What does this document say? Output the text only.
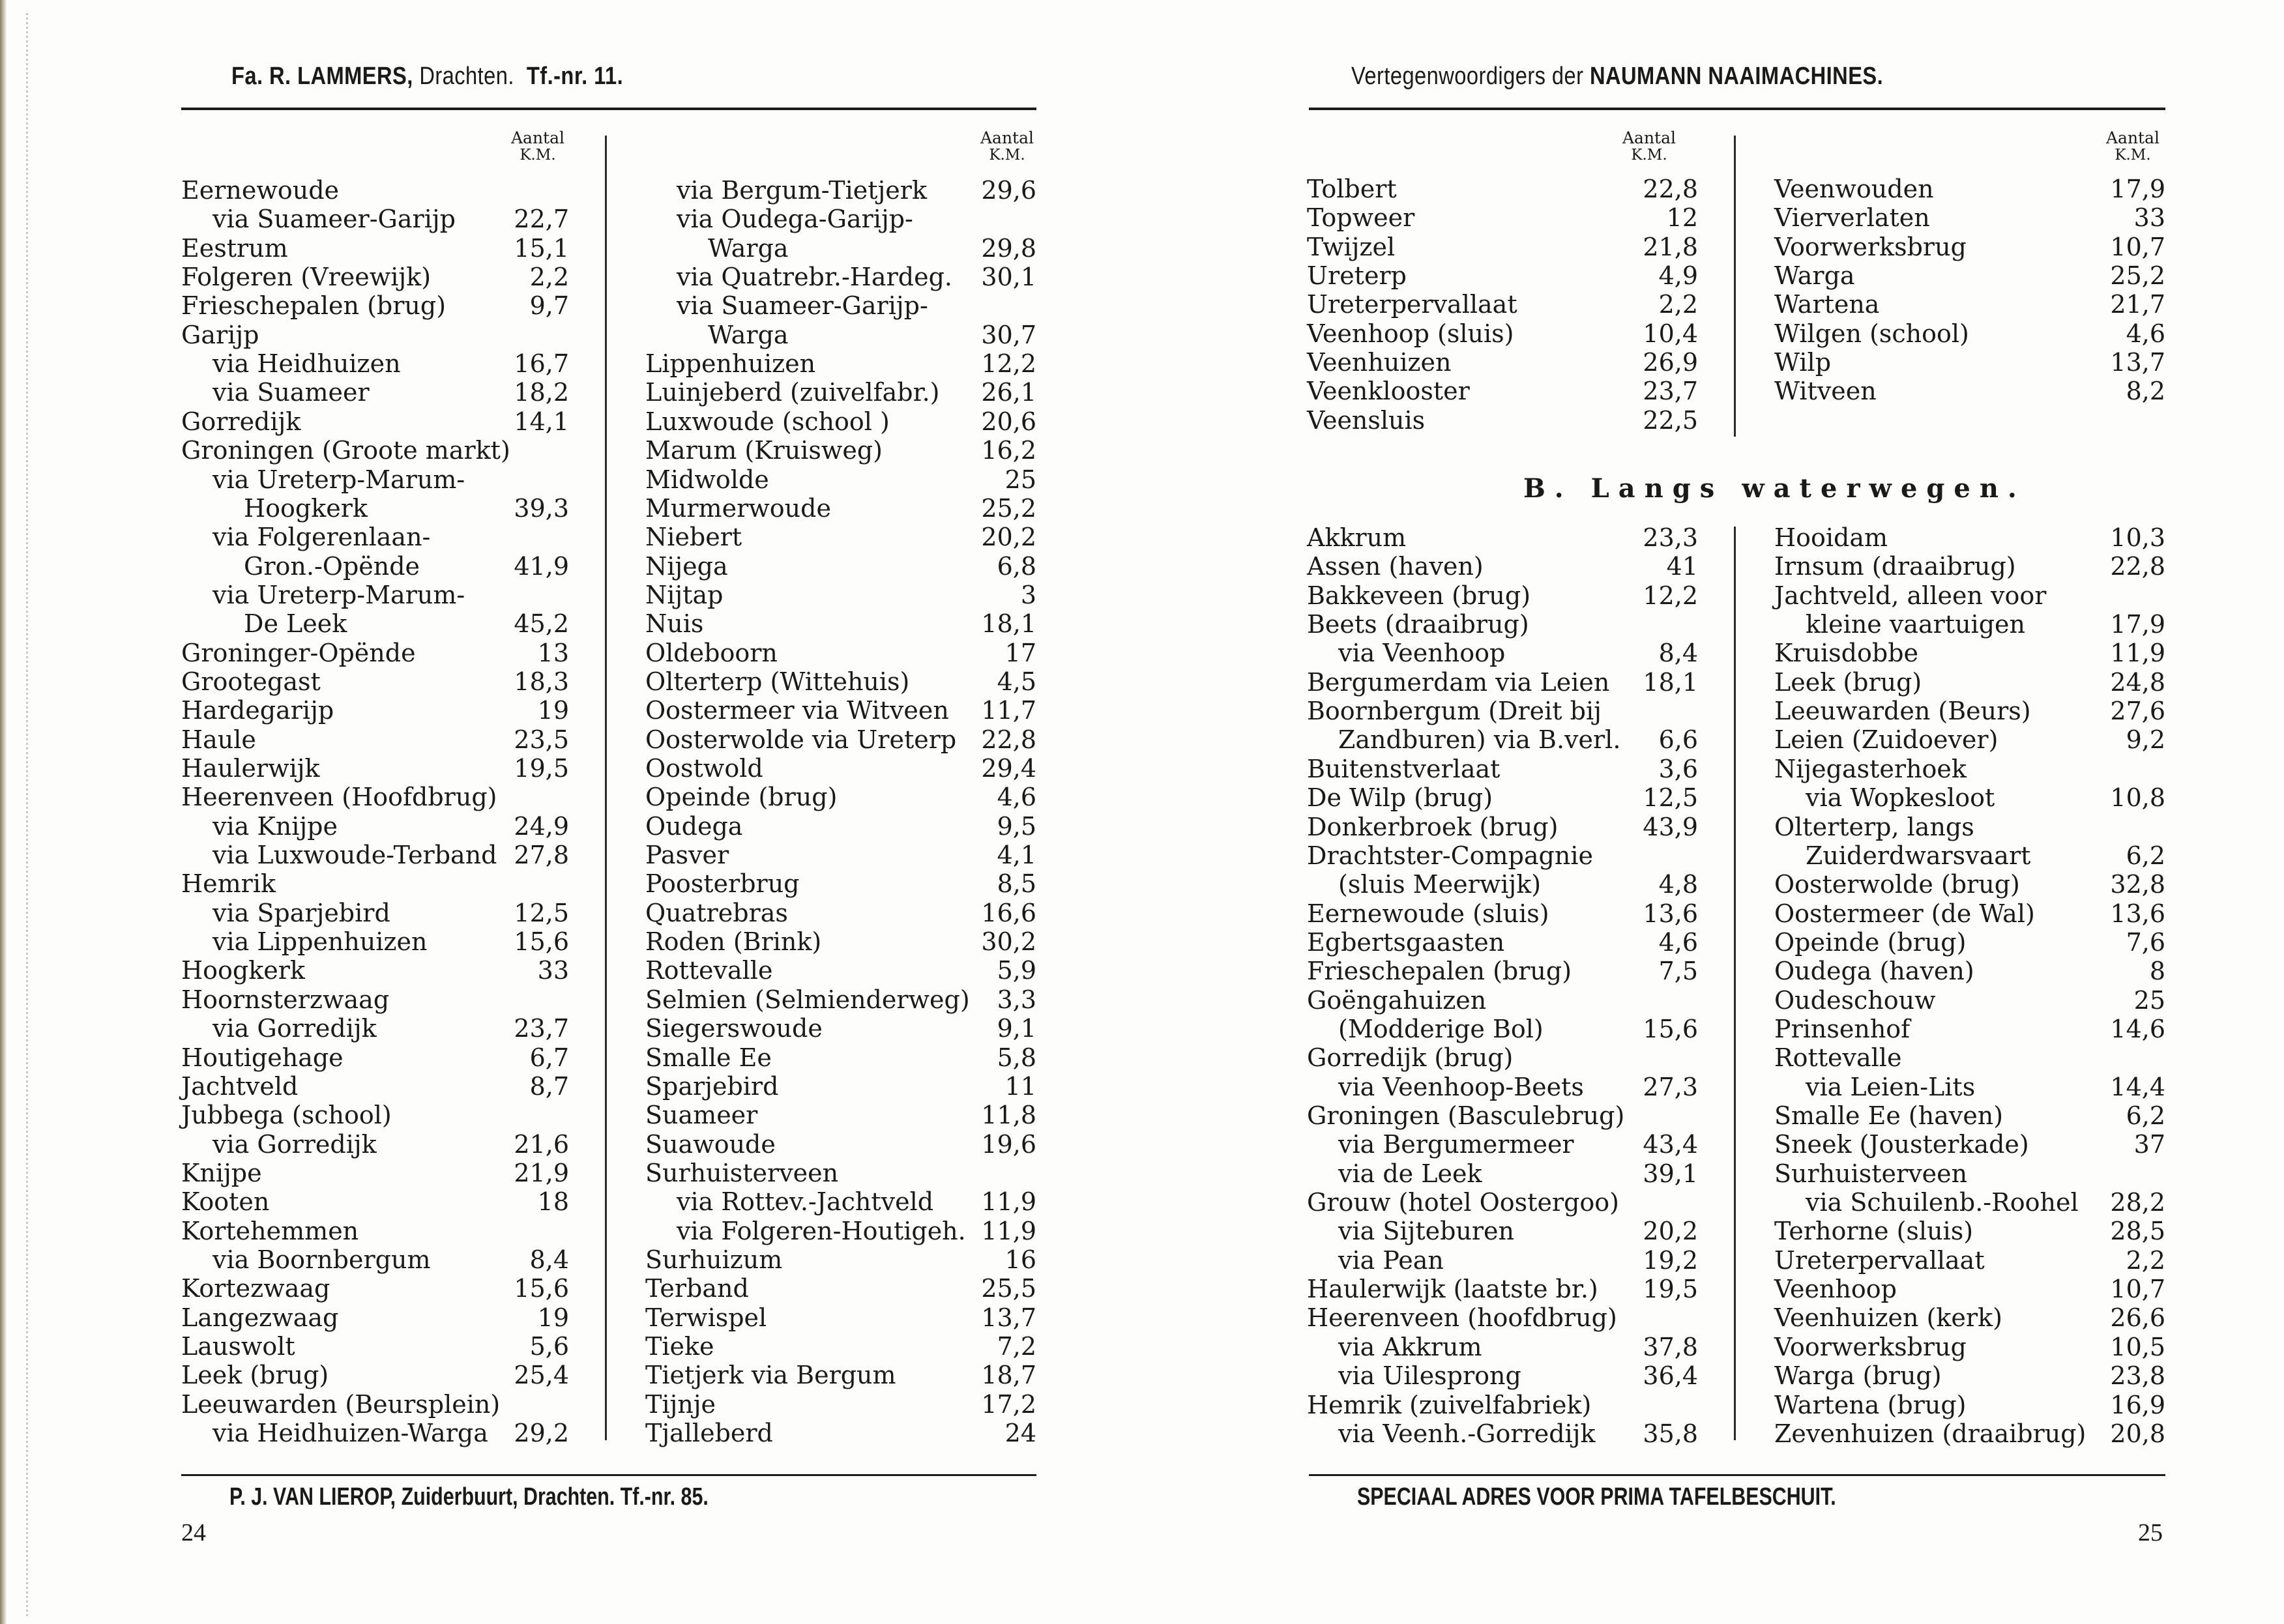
Fa. R. LAMMERS, Drachten. Tf.-nr. 11.
Aantal
K.M.
Aantal
K.M.
Eernewoude
via Suameer-Garijp 22,7
Eestrum	15,1
Folgeren (Vreewijk)	2,2
Frieschepalen (brug)	9,7
Garijp
via Heidhuizen	16,7
via Suameer	18,2
Gorredijk	14,1
Groningen (Groote markt)
via Ureterp-Marum-
Hoogkerk	39,3
via Folgerenlaan-
Gron.-Opënde	41,9
via Ureterp-Marum-
De Leek	45,2
Groninger-Opënde	13
Grootegast	18,3
Hardegarijp	19
Haule	23,5
Haulerwijk	19,5
Heerenveen (Hoofdbrug)
via Knijpe	24,9
via Luxwoude-Terband 27,8
Hemrik
via Sparjebird	12,5
via Lippenhuizen	15,6
Hoogkerk	33
Hoornsterzwaag
via Gorredijk	23,7
Houtigehage	6,7
Jachtveld	8,7
Jubbega (school)
via Gorredijk	21,6
Knijpe	21,9
Kooten	18
Kortehemmen
via Boornbergum	8,4
Kortezwaag	15,6
Langezwaag	19
Lauswolt	5,6
Leek (brug)	25,4
Leeuwarden (Beursplein)
via Heidhuizen-Warga 29,2
via Bergum-Tietjerk 29,6
via Oudega-Garijp-
Warga	29,8
via Quatrebr.-Hardeg. 30,1
via Suameer-Garijp-
Warga	30,7
Lippenhuizen	12,2
Luinjeberd (zuivelfabr.) 26,1
Luxwoude (school )	20,6
Marum (Kruisweg)	16,2
Midwolde	25
Murmerwoude	25,2
Niebert	20,2
Nijega	6,8
Nijtap	3
Nuis	18,1
Oldeboorn	17
Olterterp (Wittehuis)	4,5
Oostermeer via Witveen 11,7
Oosterwolde via Ureterp 22,8
Oostwold	29,4
Opeinde (brug)	4,6
Oudega	9,5
Pasver	4,1
Poosterbrug	8,5
Quatrebras	16,6
Roden (Brink)	30,2
Rottevalle	5,9
Selmien (Selmienderweg) 3,3
Siegerswoude	9,1
Smalle Ee	5,8
Sparjebird	11
Suameer	11,8
Suawoude	19,6
Surhuisterveen
via Rottev.-Jachtveld 11,9
via Folgeren-Houtigeh. 11,9
Surhuizum	16
Terband	25,5
Terwispel	13,7
Tieke	7,2
Tietjerk via Bergum	18,7
Tijnje	17,2
Tjalleberd	24
P. J. VAN LIEROP, Zuiderbuurt, Drachten. Tf.-nr. 85.
24
Vertegenwoordigers der NAUMANN NAAIMACHINES.
Aantal
K.M.
Aantal
K.M.
Tolbert	22,8
Topweer	12
Twijzel	21,8
Ureterp	4,9
Ureterpervallaat	2,2
Veenhoop (sluis)	10,4
Veenhuizen	26,9
Veenklooster	23,7
Veensluis	22,5
Veenwouden	17,9
Vierverlaten	33
Voorwerksbrug	10,7
Warga	25,2
Wartena	21,7
Wilgen (school)	4,6
Wilp	13,7
Witveen	8,2
B. Langs waterwegen.
Akkrum	23,3
Assen (haven)	41
Bakkeveen (brug)	12,2
Beets (draaibrug)
via Veenhoop	8,4
Bergumerdam via Leien 18,1
Boornbergum (Dreit bij
Zandburen) via B.verl. 6,6
Buitenstverlaat	3,6
De Wilp (brug)	12,5
Donkerbroek (brug)	43,9
Drachtster-Compagnie
(sluis Meerwijk)	4,8
Eernewoude (sluis)	13,6
Egbertsgaasten	4,6
Frieschepalen (brug)	7,5
Goëngahuizen
(Modderige Bol)	15,6
Gorredijk (brug)
via Veenhoop-Beets 27,3
Groningen (Basculebrug)
via Bergumermeer	43,4
via de Leek	39,1
Grouw (hotel Oostergoo)
via Sijteburen	20,2
via Pean	19,2
Haulerwijk (laatste br.) 19,5
Heerenveen (hoofdbrug)
via Akkrum	37,8
via Uilesprong	36,4
Hemrik (zuivelfabriek)
via Veenh.-Gorredijk 35,8
Hooidam	10,3
Irnsum (draaibrug)	22,8
Jachtveld, alleen voor
kleine vaartuigen	17,9
Kruisdobbe	11,9
Leek (brug)	24,8
Leeuwarden (Beurs)	27,6
Leien (Zuidoever)	9,2
Nijegasterhoek
via Wopkesloot	10,8
Olterterp, langs
Zuiderdwarsvaart	6,2
Oosterwolde (brug)	32,8
Oostermeer (de Wal)	13,6
Opeinde (brug)	7,6
Oudega (haven)	8
Oudeschouw	25
Prinsenhof	14,6
Rottevalle
via Leien-Lits	14,4
Smalle Ee (haven)	6,2
Sneek (Jousterkade)	37
Surhuisterveen
via Schuilenb.-Roohel 28,2
Terhorne (sluis)	28,5
Ureterpervallaat	2,2
Veenhoop	10,7
Veenhuizen (kerk)	26,6
Voorwerksbrug	10,5
Warga (brug)	23,8
Wartena (brug)	16,9
Zevenhuizen (draaibrug) 20,8
SPECIAAL ADRES VOOR PRIMA TAFELBESCHUIT.
25
